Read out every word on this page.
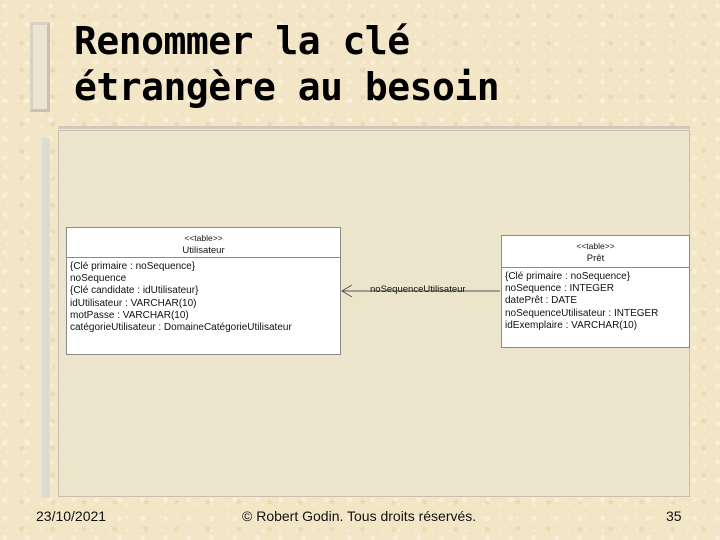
Renommer la clé
étrangère au besoin
<<table>>
Utilisateur
{Clé primaire : noSequence}
noSequence
{Clé candidate : idUtilisateur}
idUtilisateur : VARCHAR(10)
motPasse : VARCHAR(10)
catégorieUtilisateur : DomaineCatégorieUtilisateur
noSequenceUtilisateur
<<table>>
Prêt
{Clé primaire : noSequence}
noSequence : INTEGER
datePrêt : DATE
noSequenceUtilisateur : INTEGER
idExemplaire : VARCHAR(10)
23/10/2021	© Robert Godin. Tous droits réservés.	35
